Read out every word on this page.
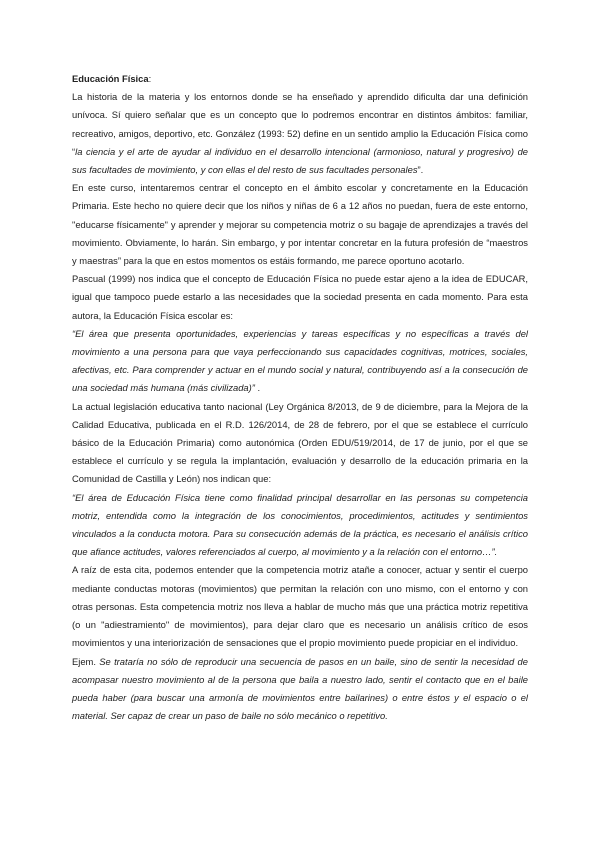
Educación Física:

La historia de la materia y los entornos donde se ha enseñado y aprendido dificulta dar una definición unívoca. Sí quiero señalar que es un concepto que lo podremos encontrar en distintos ámbitos: familiar, recreativo, amigos, deportivo, etc. González (1993: 52) define en un sentido amplio la Educación Física como “la ciencia y el arte de ayudar al individuo en el desarrollo intencional (armonioso, natural y progresivo) de sus facultades de movimiento, y con ellas el del resto de sus facultades personales”.

En este curso, intentaremos centrar el concepto en el ámbito escolar y concretamente en la Educación Primaria. Este hecho no quiere decir que los niños y niñas de 6 a 12 años no puedan, fuera de este entorno, "educarse físicamente" y aprender y mejorar su competencia motriz o su bagaje de aprendizajes a través del movimiento. Obviamente, lo harán. Sin embargo, y por intentar concretar en la futura profesión de “maestros y maestras” para la que en estos momentos os estáis formando, me parece oportuno acotarlo.

Pascual (1999) nos indica que el concepto de Educación Física no puede estar ajeno a la idea de EDUCAR, igual que tampoco puede estarlo a las necesidades que la sociedad presenta en cada momento. Para esta autora, la Educación Física escolar es:

“El área que presenta oportunidades, experiencias y tareas específicas y no específicas a través del movimiento a una persona para que vaya perfeccionando sus capacidades cognitivas, motrices, sociales, afectivas, etc. Para comprender y actuar en el mundo social y natural, contribuyendo así a la consecución de una sociedad más humana (más civilizada)” .

La actual legislación educativa tanto nacional (Ley Orgánica 8/2013, de 9 de diciembre, para la Mejora de la Calidad Educativa, publicada en el R.D. 126/2014, de 28 de febrero, por el que se establece el currículo básico de la Educación Primaria) como autonómica (Orden EDU/519/2014, de 17 de junio, por el que se establece el currículo y se regula la implantación, evaluación y desarrollo de la educación primaria en la Comunidad de Castilla y León) nos indican que:

“El área de Educación Física tiene como finalidad principal desarrollar en las personas su competencia motriz, entendida como la integración de los conocimientos, procedimientos, actitudes y sentimientos vinculados a la conducta motora. Para su consecución además de la práctica, es necesario el análisis crítico que afiance actitudes, valores referenciados al cuerpo, al movimiento y a la relación con el entorno…”.

A raíz de esta cita, podemos entender que la competencia motriz atañe a conocer, actuar y sentir el cuerpo mediante conductas motoras (movimientos) que permitan la relación con uno mismo, con el entorno y con otras personas. Esta competencia motriz nos lleva a hablar de mucho más que una práctica motriz repetitiva (o un "adiestramiento" de movimientos), para dejar claro que es necesario un análisis crítico de esos movimientos y una interiorización de sensaciones que el propio movimiento puede propiciar en el individuo.

Ejem. Se trataría no sólo de reproducir una secuencia de pasos en un baile, sino de sentir la necesidad de acompasar nuestro movimiento al de la persona que baila a nuestro lado, sentir el contacto que en el baile pueda haber (para buscar una armonía de movimientos entre bailarines) o entre éstos y el espacio o el material. Ser capaz de crear un paso de baile no sólo mecánico o repetitivo.
